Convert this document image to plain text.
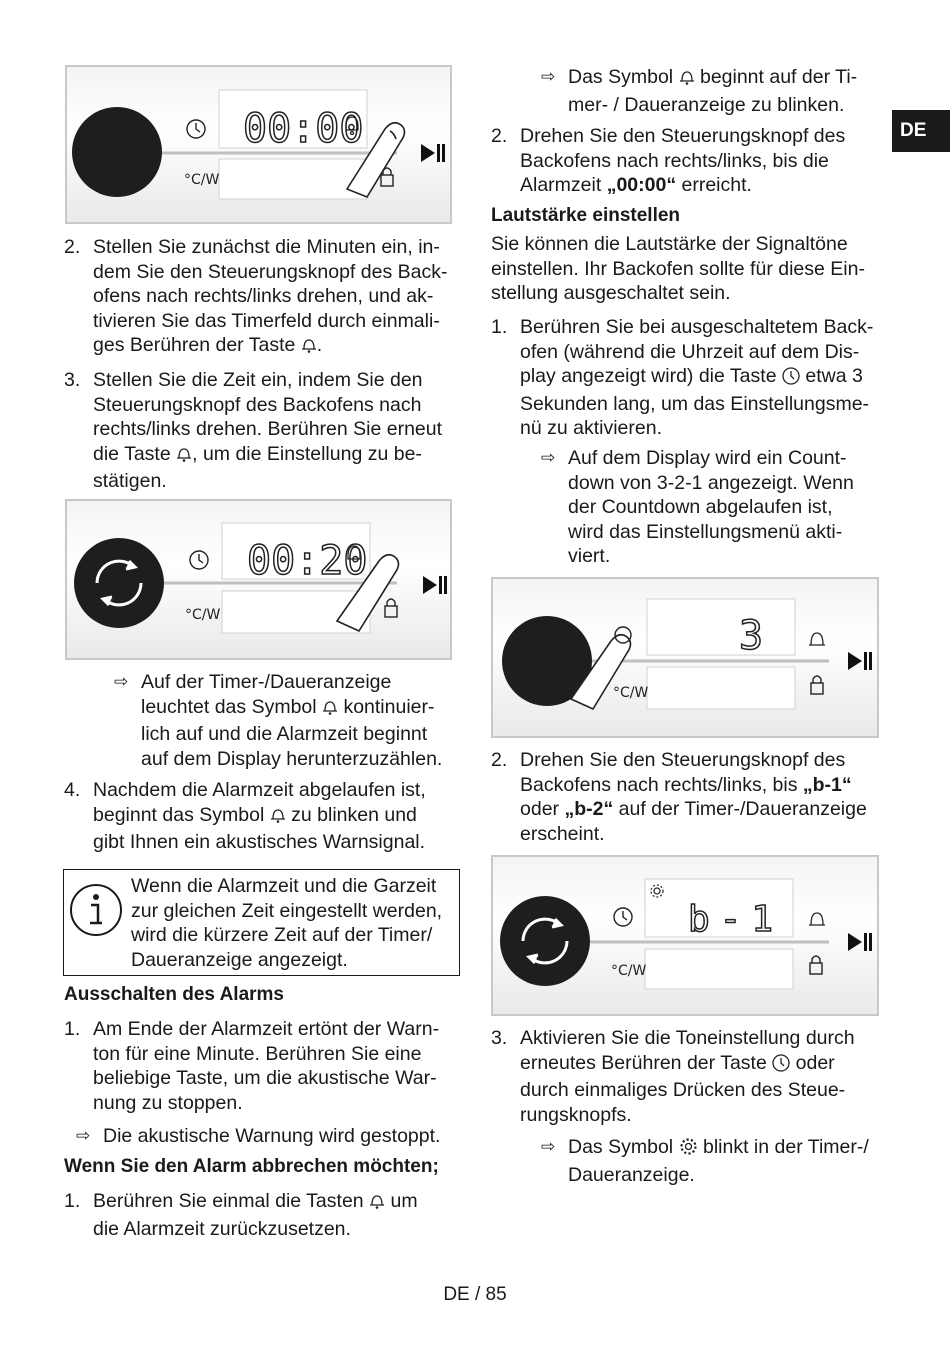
DE
00:00
°C/W
2. Stellen Sie zunächst die Minuten ein, in-
dem Sie den Steuerungsknopf des Back-
ofens nach rechts/links drehen, und ak-
tivieren Sie das Timerfeld durch einmali-
ges Berühren der Taste .
3. Stellen Sie die Zeit ein, indem Sie den
Steuerungsknopf des Backofens nach
rechts/links drehen. Berühren Sie erneut
die Taste , um die Einstellung zu be-
stätigen.
00:20
°C/W
⇨ Auf der Timer-/Daueranzeige
leuchtet das Symbol kontinuier-
lich auf und die Alarmzeit beginnt
auf dem Display herunterzuzählen.
4. Nachdem die Alarmzeit abgelaufen ist,
beginnt das Symbol zu blinken und
gibt Ihnen ein akustisches Warnsignal.
Wenn die Alarmzeit und die Garzeit
zur gleichen Zeit eingestellt werden,
wird die kürzere Zeit auf der Timer/
Daueranzeige angezeigt.
Ausschalten des Alarms
1. Am Ende der Alarmzeit ertönt der Warn-
ton für eine Minute. Berühren Sie eine
beliebige Taste, um die akustische War-
nung zu stoppen.
⇨ Die akustische Warnung wird gestoppt.
Wenn Sie den Alarm abbrechen möchten;
1. Berühren Sie einmal die Tasten um
die Alarmzeit zurückzusetzen.
⇨ Das Symbol beginnt auf der Ti-
mer- / Daueranzeige zu blinken.
2. Drehen Sie den Steuerungsknopf des
Backofens nach rechts/links, bis die
Alarmzeit „00:00“ erreicht.
Lautstärke einstellen
Sie können die Lautstärke der Signaltöne
einstellen. Ihr Backofen sollte für diese Ein-
stellung ausgeschaltet sein.
1. Berühren Sie bei ausgeschaltetem Back-
ofen (während die Uhrzeit auf dem Dis-
play angezeigt wird) die Taste etwa 3
Sekunden lang, um das Einstellungsme-
nü zu aktivieren.
⇨ Auf dem Display wird ein Count-
down von 3-2-1 angezeigt. Wenn
der Countdown abgelaufen ist,
wird das Einstellungsmenü akti-
viert.
3
°C/W
2. Drehen Sie den Steuerungsknopf des
Backofens nach rechts/links, bis „b-1“
oder „b-2“ auf der Timer-/Daueranzeige
erscheint.
b-1
°C/W
3. Aktivieren Sie die Toneinstellung durch
erneutes Berühren der Taste oder
durch einmaliges Drücken des Steue-
rungsknopfs.
⇨ Das Symbol blinkt in der Timer-/
Daueranzeige.
DE / 85
